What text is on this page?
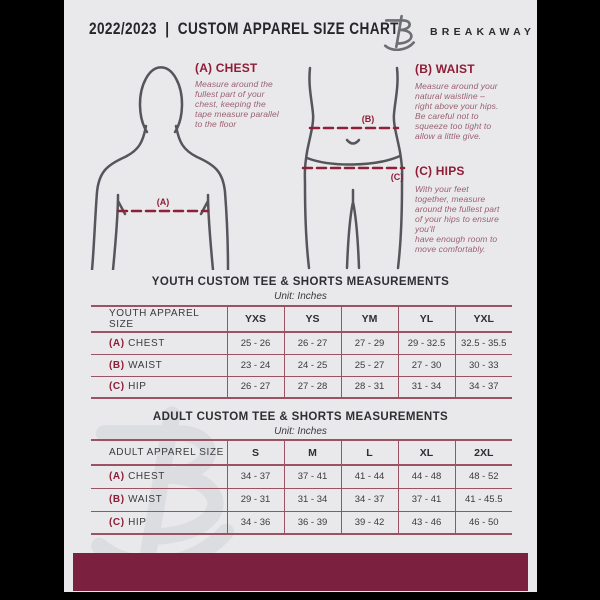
2022/2023  |  CUSTOM APPAREL SIZE CHART	BREAKAWAY
(A)
(A) CHEST
Measure around the
fullest part of your
chest, keeping the
tape measure parallel
to the floor	(B)
(C)
(B) WAIST
Measure around your
natural waistline –
right above your hips.
Be careful not to
squeeze too tight to
allow a little give.
(C) HIPS
With your feet
together, measure
around the fullest part
of your hips to ensure
you'll
have enough room to
move comfortably.
YOUTH CUSTOM TEE & SHORTS MEASUREMENTS
Unit: Inches
YOUTH APPAREL SIZE	YXS	YS	YM	YL	YXL
(A) CHEST	25 - 26	26 - 27	27 - 29	29 - 32.5	32.5 - 35.5
(B) WAIST	23 - 24	24 - 25	25 - 27	27 - 30	30 - 33
(C) HIP	26 - 27	27 - 28	28 - 31	31 - 34	34 - 37
ADULT CUSTOM TEE & SHORTS MEASUREMENTS
Unit: Inches
ADULT APPAREL SIZE	S	M	L	XL	2XL
(A) CHEST	34 - 37	37 - 41	41 - 44	44 - 48	48 - 52
(B) WAIST	29 - 31	31 - 34	34 - 37	37 - 41	41 - 45.5
(C) HIP	34 - 36	36 - 39	39 - 42	43 - 46	46 - 50
